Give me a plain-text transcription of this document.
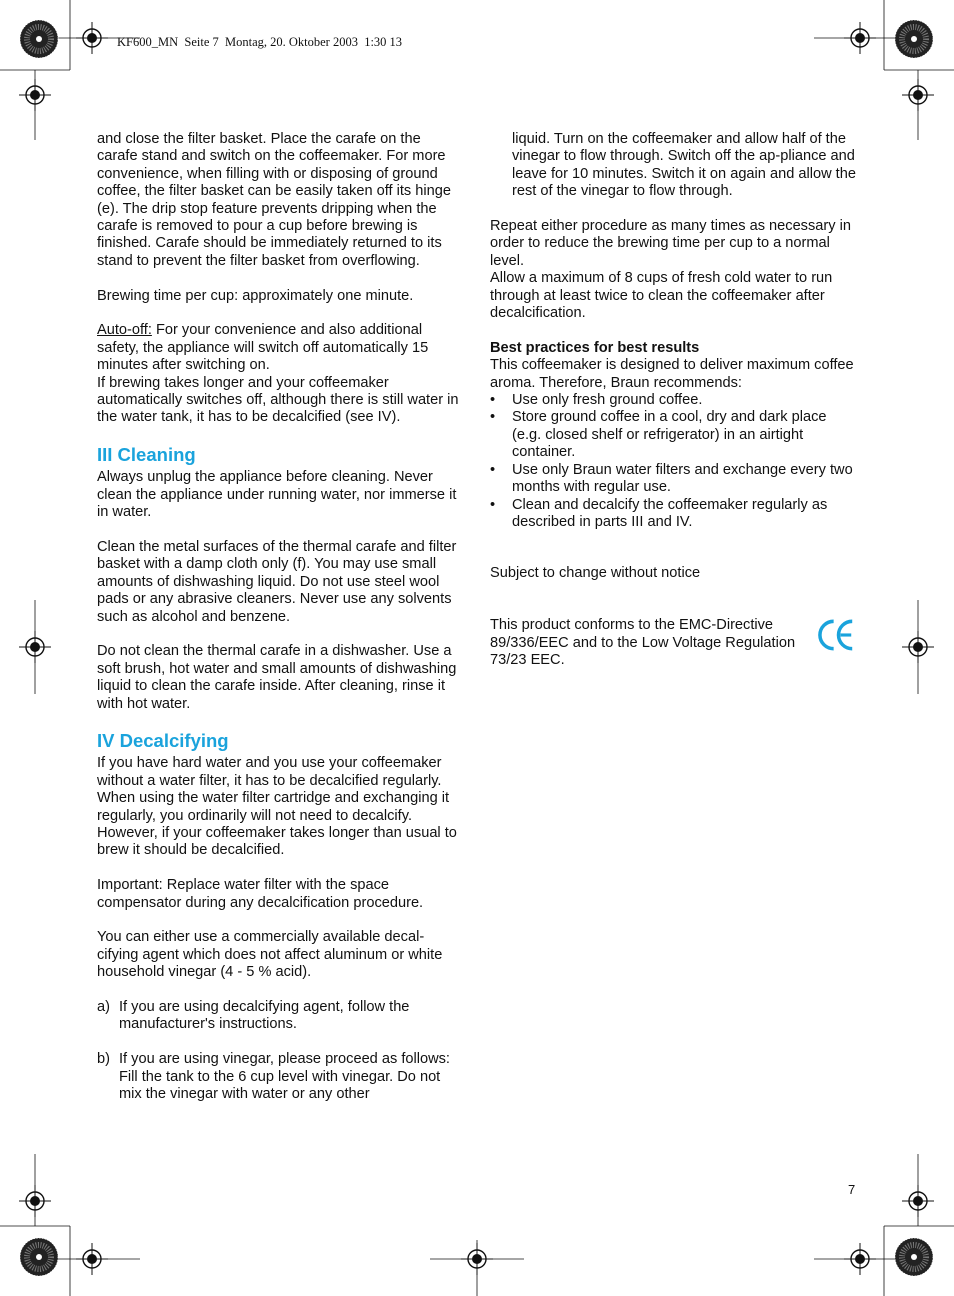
KF600_MN  Seite 7  Montag, 20. Oktober 2003  1:30 13

and close the filter basket. Place the carafe on the carafe stand and switch on the coffeemaker. For more convenience, when filling with or disposing of ground coffee, the filter basket can be easily taken off its hinge (e). The drip stop feature prevents dripping when the carafe is removed to pour a cup before brewing is finished. Carafe should be immediately returned to its stand to prevent the filter basket from overflowing.

Brewing time per cup: approximately one minute.

Auto-off: For your convenience and also additional safety, the appliance will switch off automatically 15 minutes after switching on.

If brewing takes longer and your coffeemaker automatically switches off, although there is still water in the water tank, it has to be decalcified (see IV).

III Cleaning

Always unplug the appliance before cleaning. Never clean the appliance under running water, nor immerse it in water.

Clean the metal surfaces of the thermal carafe and filter basket with a damp cloth only (f). You may use small amounts of dishwashing liquid. Do not use steel wool pads or any abrasive cleaners. Never use any solvents such as alcohol and benzene.

Do not clean the thermal carafe in a dishwasher. Use a soft brush, hot water and small amounts of dishwashing liquid to clean the carafe inside. After cleaning, rinse it with hot water.

IV Decalcifying

If you have hard water and you use your coffeemaker without a water filter, it has to be decalcified regularly. When using the water filter cartridge and exchanging it regularly, you ordinarily will not need to decalcify. However, if your coffeemaker takes longer than usual to brew it should be decalcified.

Important: Replace water filter with the space compensator during any decalcification procedure.

You can either use a commercially available decal-cifying agent which does not affect aluminum or white household vinegar (4 - 5 % acid).

a) If you are using decalcifying agent, follow the manufacturer's instructions.
b) If you are using vinegar, please proceed as follows: Fill the tank to the 6 cup level with vinegar. Do not mix the vinegar with water or any other

liquid. Turn on the coffeemaker and allow half of the vinegar to flow through. Switch off the ap-pliance and leave for 10 minutes. Switch it on again and allow the rest of the vinegar to flow through.

Repeat either procedure as many times as necessary in order to reduce the brewing time per cup to a normal level.

Allow a maximum of 8 cups of fresh cold water to run through at least twice to clean the coffeemaker after decalcification.

Best practices for best results

This coffeemaker is designed to deliver maximum coffee aroma. Therefore, Braun recommends:

•	Use only fresh ground coffee.
•	Store ground coffee in a cool, dry and dark place (e.g. closed shelf or refrigerator) in an airtight container.
•	Use only Braun water filters and exchange every two months with regular use.
•	Clean and decalcify the coffeemaker regularly as described in parts III and IV.

Subject to change without notice

This product conforms to the EMC-Directive 89/336/EEC and to the Low Voltage Regulation 73/23 EEC.
7
